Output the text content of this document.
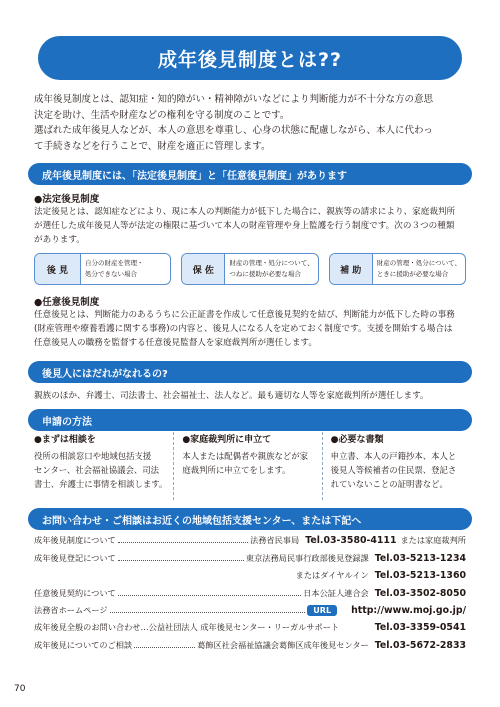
成年後見制度とは??

成年後見制度とは、認知症・知的障がい・精神障がいなどにより判断能力が不十分な方の意思

決定を助け、生活や財産などの権利を守る制度のことです。

選ばれた成年後見人などが、本人の意思を尊重し、心身の状態に配慮しながら、本人に代わっ

て手続きなどを行うことで、財産を適正に管理します。

成年後見制度には、「法定後見制度」と「任意後見制度」があります
●法定後見制度

法定後見とは、認知症などにより、現に本人の判断能力が低下した場合に、親族等の請求により、家庭裁判所

が選任した成年後見人等が法定の権限に基づいて本人の財産管理や身上監護を行う制度です。次の３つの種類

があります。

後 見
自分の財産を管理・
処分できない場合	保 佐
財産の管理・処分について、
つねに援助が必要な場合	補 助
財産の管理・処分について、
ときに援助が必要な場合
●任意後見制度

任意後見とは、判断能力のあるうちに公正証書を作成して任意後見契約を結び、判断能力が低下した時の事務

(財産管理や療養看護に関する事務)の内容と、後見人になる人を定めておく制度です。支援を開始する場合は

任意後見人の職務を監督する任意後見監督人を家庭裁判所が選任します。

後見人にはだれがなれるの?

親族のほか、弁護士、司法書士、社会福祉士、法人など。最も適切な人等を家庭裁判所が選任します。

申請の方法
●まずは相談を
役所の相談窓口や地域包括支援
センター、社会福祉協議会、司法
書士、弁護士に事情を相談します。
●家庭裁判所に申立て
本人または配偶者や親族などが家
庭裁判所に申立てをします。
●必要な書類
申立書、本人の戸籍抄本、本人と
後見人等候補者の住民票、登記さ
れていないことの証明書など。
お問い合わせ・ご相談はお近くの地域包括支援センター、または下記へ
成年後見制度について	法務省民事局 Tel.03-3580-4111 または家庭裁判所
成年後見登記について	東京法務局民事行政部後見登録課 Tel.03-5213-1234
またはダイヤルイン Tel.03-5213-1360
任意後見契約について	日本公証人連合会 Tel.03-3502-8050
法務省ホームページ	URL	http://www.moj.go.jp/
成年後見全般のお問い合わせ… 公益社団法人 成年後見センター・リーガルサポート	Tel.03-3359-0541
成年後見についてのご相談	葛飾区社会福祉協議会葛飾区成年後見センター Tel.03-5672-2833
70
